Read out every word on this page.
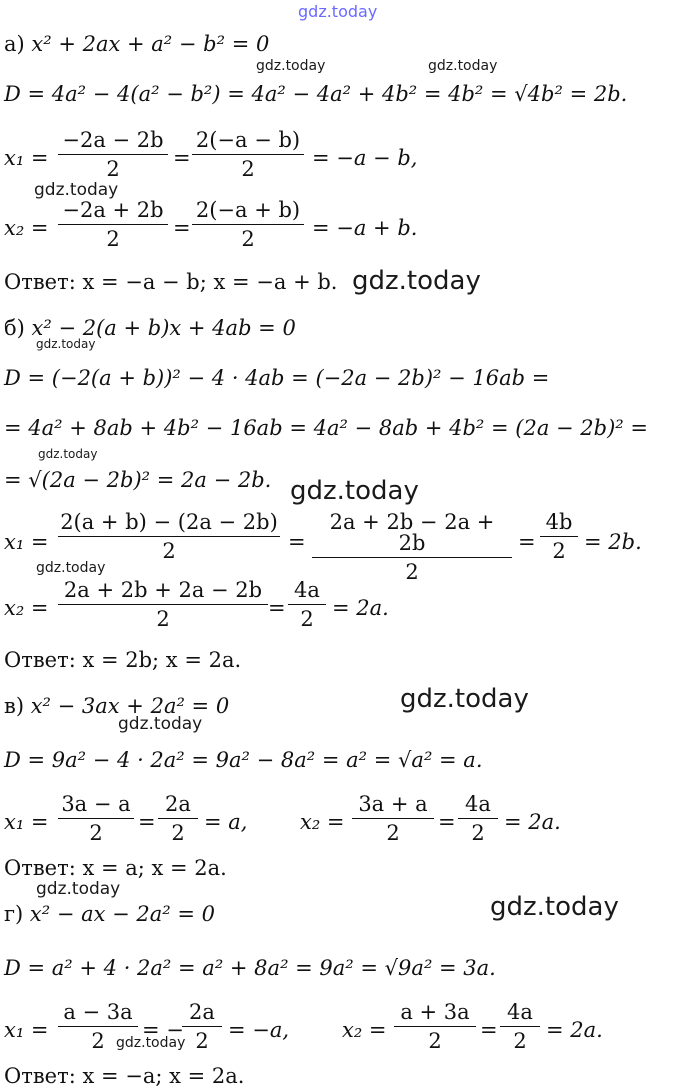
gdz.today
gdz.today	gdz.today
gdz.today
gdz.today
gdz.today
gdz.today
gdz.today
gdz.today
gdz.today
gdz.today
gdz.today
gdz.today
gdz.today
а) x² + 2ax + a² − b² = 0
D = 4a² − 4(a² − b²) = 4a² − 4a² + 4b² = 4b² = √4b² = 2b.
$x_1 = \frac{-2a - 2b}{2} = \frac{2(-a - b)}{2} = -a - b$,
$x_2 = \frac{-2a + 2b}{2} = \frac{2(-a + b)}{2} = -a + b$.
Ответ: x = −a − b; x = −a + b.
б) x² − 2(a + b)x + 4ab = 0
D = (−2(a + b))² − 4 · 4ab = (−2a − 2b)² − 16ab =
= 4a² + 8ab + 4b² − 16ab = 4a² − 8ab + 4b² = (2a − 2b)² =
= √(2a − 2b)² = 2a − 2b.
$x_1 = \frac{2(a + b) - (2a - 2b)}{2} = \frac{2a + 2b - 2a + 2b}{2} = \frac{4b}{2} = 2b$.
$x_2 = \frac{2a + 2b + 2a - 2b}{2} = \frac{4a}{2} = 2a$.
Ответ: x = 2b; x = 2a.
в) x² − 3ax + 2a² = 0
D = 9a² − 4 · 2a² = 9a² − 8a² = a² = √a² = a.
$x_1 = \frac{3a - a}{2} = \frac{2a}{2} = a$,	$x_2 = \frac{3a + a}{2} = \frac{4a}{2} = 2a$.
Ответ: x = a; x = 2a.
г) x² − ax − 2a² = 0
D = a² + 4 · 2a² = a² + 8a² = 9a² = √9a² = 3a.
$x_1 = \frac{a - 3a}{2}$ = −
$\frac{2a}{2} = -a$,	$x_2 = \frac{a + 3a}{2} = \frac{4a}{2} = 2a$.
Ответ: x = −a; x = 2a.
